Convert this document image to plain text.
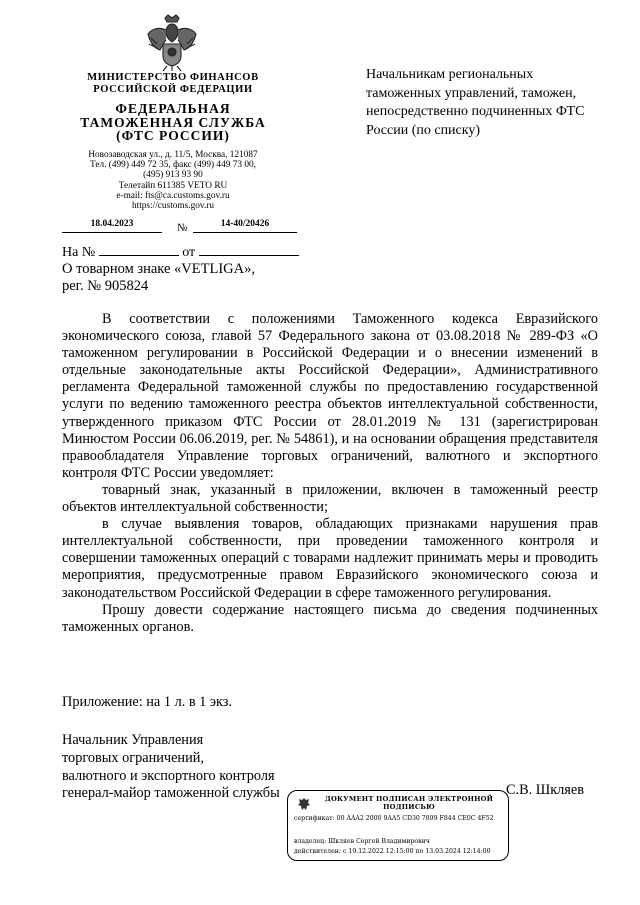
МИНИСТЕРСТВО ФИНАНСОВ
РОССИЙСКОЙ ФЕДЕРАЦИИ
ФЕДЕРАЛЬНАЯ
ТАМОЖЕННАЯ СЛУЖБА
(ФТС РОССИИ)
Новозаводская ул., д. 11/5, Москва, 121087
Тел. (499) 449 72 35, факс (499) 449 73 00,
(495) 913 93 90
Телетайп 611385 VETO RU
e-mail: fts@ca.customs.gov.ru
https://customs.gov.ru
18.04.2023	№	14-40/20426
На №	от
О товарном знаке «VETLIGA»,
рег. № 905824
Начальникам региональных таможенных управлений, таможен, непосредственно подчиненных ФТС России (по списку)

В соответствии с положениями Таможенного кодекса Евразийского экономического союза, главой 57 Федерального закона от 03.08.2018 № 289-ФЗ «О таможенном регулировании в Российской Федерации и о внесении изменений в отдельные законодательные акты Российской Федерации», Административного регламента Федеральной таможенной службы по предоставлению государственной услуги по ведению таможенного реестра объектов интеллектуальной собственности, утвержденного приказом ФТС России от 28.01.2019 № 131 (зарегистрирован Минюстом России 06.06.2019, рег. № 54861), и на основании обращения представителя правообладателя Управление торговых ограничений, валютного и экспортного контроля ФТС России уведомляет:

товарный знак, указанный в приложении, включен в таможенный реестр объектов интеллектуальной собственности;

в случае выявления товаров, обладающих признаками нарушения прав интеллектуальной собственности, при проведении таможенного контроля и совершении таможенных операций с товарами надлежит принимать меры и проводить мероприятия, предусмотренные правом Евразийского экономического союза и законодательством Российской Федерации в сфере таможенного регулирования.

Прошу довести содержание настоящего письма до сведения подчиненных таможенных органов.

Приложение: на 1 л. в 1 экз.
Начальник Управления
торговых ограничений,
валютного и экспортного контроля
генерал-майор таможенной службы	С.В. Шкляев
ДОКУМЕНТ ПОДПИСАН ЭЛЕКТРОННОЙ
ПОДПИСЬЮ
сертификат: 00 AAA2 2000 9AA5 CD30 7899 F844 CE0C 4F52
владелец: Шкляев Сергей Владимирович
действителен: с 19.12.2022 12:15:00 по 13.03.2024 12:14:00
